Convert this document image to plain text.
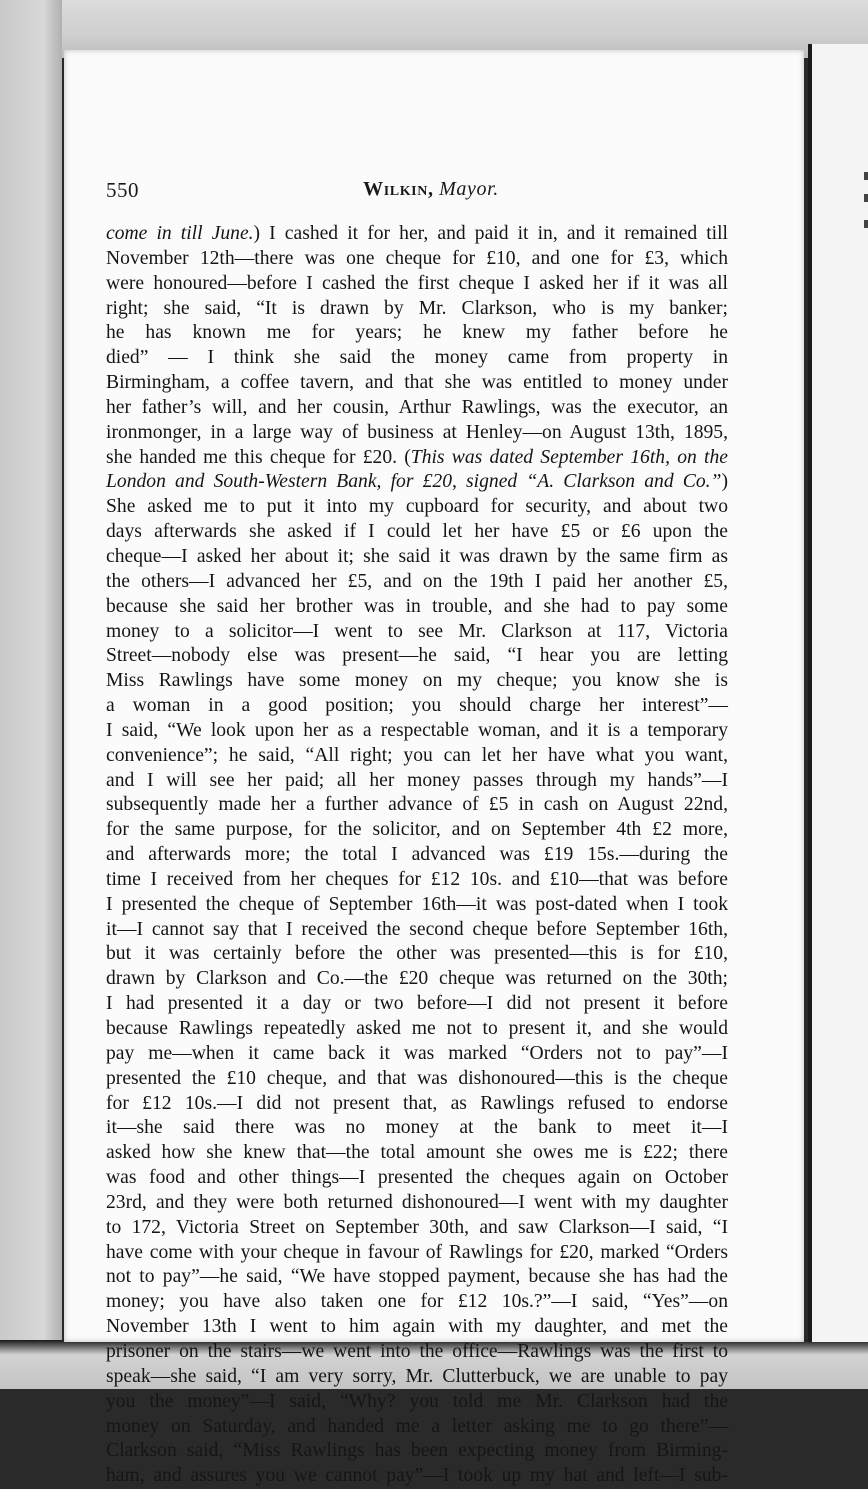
550	Wilkin, Mayor.
come in till June.) I cashed it for her, and paid it in, and it remained till
November 12th—there was one cheque for £10, and one for £3, which
were honoured—before I cashed the first cheque I asked her if it was all
right; she said, “It is drawn by Mr. Clarkson, who is my banker;
he has known me for years; he knew my father before he
died” — I think she said the money came from property in
Birmingham, a coffee tavern, and that she was entitled to money under
her father’s will, and her cousin, Arthur Rawlings, was the executor, an
ironmonger, in a large way of business at Henley—on August 13th, 1895,
she handed me this cheque for £20. (This was dated September 16th, on the
London and South-Western Bank, for £20, signed “A. Clarkson and Co.”)
She asked me to put it into my cupboard for security, and about two
days afterwards she asked if I could let her have £5 or £6 upon the
cheque—I asked her about it; she said it was drawn by the same firm as
the others—I advanced her £5, and on the 19th I paid her another £5,
because she said her brother was in trouble, and she had to pay some
money to a solicitor—I went to see Mr. Clarkson at 117, Victoria
Street—nobody else was present—he said, “I hear you are letting
Miss Rawlings have some money on my cheque; you know she is
a woman in a good position; you should charge her interest”—
I said, “We look upon her as a respectable woman, and it is a temporary
convenience”; he said, “All right; you can let her have what you want,
and I will see her paid; all her money passes through my hands”—I
subsequently made her a further advance of £5 in cash on August 22nd,
for the same purpose, for the solicitor, and on September 4th £2 more,
and afterwards more; the total I advanced was £19 15s.—during the
time I received from her cheques for £12 10s. and £10—that was before
I presented the cheque of September 16th—it was post-dated when I took
it—I cannot say that I received the second cheque before September 16th,
but it was certainly before the other was presented—this is for £10,
drawn by Clarkson and Co.—the £20 cheque was returned on the 30th;
I had presented it a day or two before—I did not present it before
because Rawlings repeatedly asked me not to present it, and she would
pay me—when it came back it was marked “Orders not to pay”—I
presented the £10 cheque, and that was dishonoured—this is the cheque
for £12 10s.—I did not present that, as Rawlings refused to endorse
it—she said there was no money at the bank to meet it—I
asked how she knew that—the total amount she owes me is £22; there
was food and other things—I presented the cheques again on October
23rd, and they were both returned dishonoured—I went with my daughter
to 172, Victoria Street on September 30th, and saw Clarkson—I said, “I
have come with your cheque in favour of Rawlings for £20, marked “Orders
not to pay”—he said, “We have stopped payment, because she has had the
money; you have also taken one for £12 10s.?”—I said, “Yes”—on
November 13th I went to him again with my daughter, and met the
prisoner on the stairs—we went into the office—Rawlings was the first to
speak—she said, “I am very sorry, Mr. Clutterbuck, we are unable to pay
you the money”—I said, “Why? you told me Mr. Clarkson had the
money on Saturday, and handed me a letter asking me to go there”—
Clarkson said, “Miss Rawlings has been expecting money from Birming-
ham, and assures you we cannot pay”—I took up my hat and left—I sub-
